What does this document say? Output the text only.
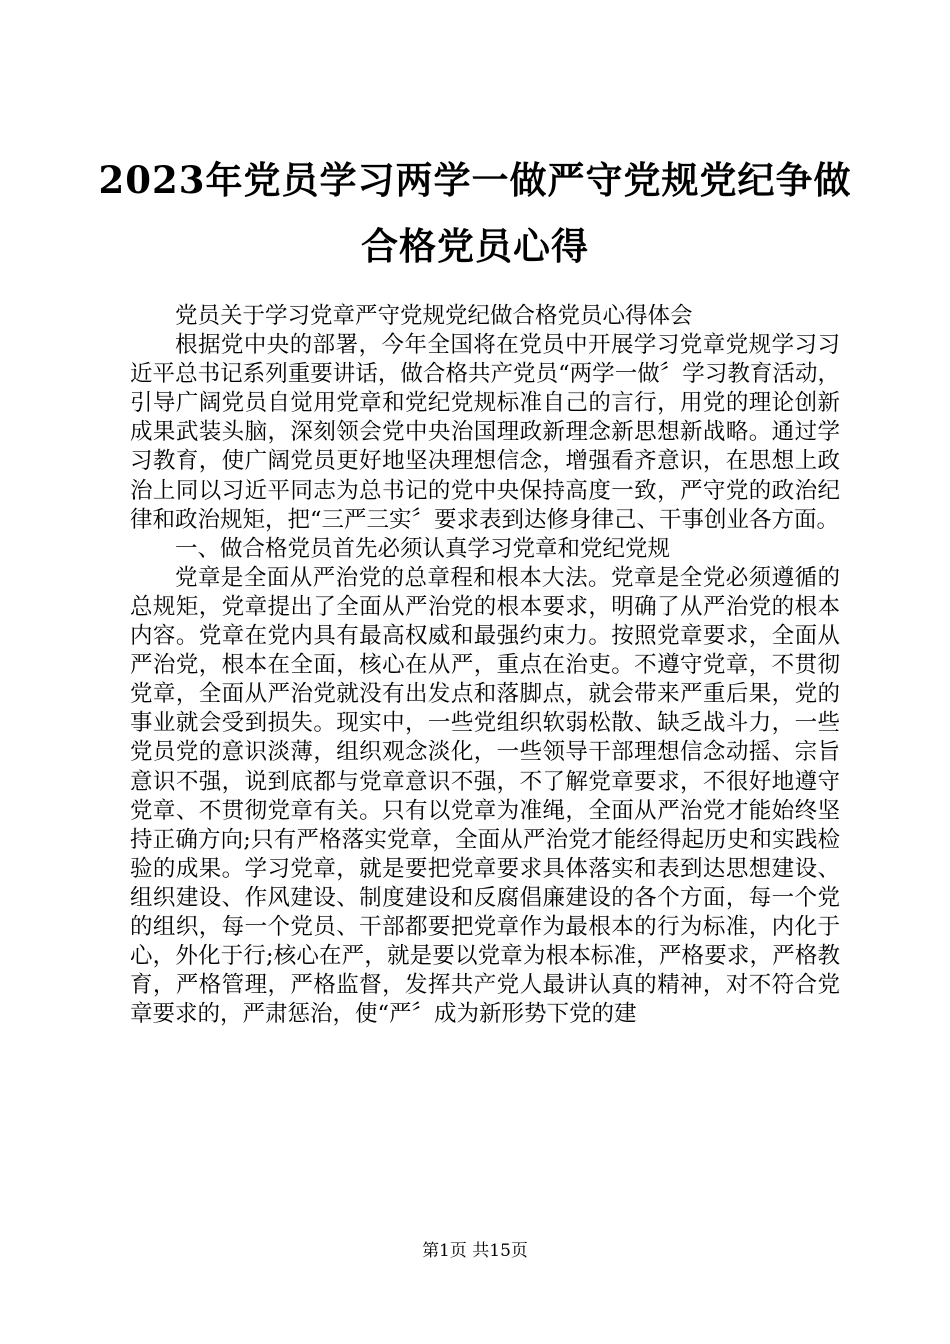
2023年党员学习两学一做严守党规党纪争做
合格党员心得

党员关于学习党章严守党规党纪做合格党员心得体会

根据党中央的部署，今年全国将在党员中开展学习党章党规学习习近平总书记系列重要讲话，做合格共产党员“两学一做〞学习教育活动，引导广阔党员自觉用党章和党纪党规标准自己的言行，用党的理论创新成果武装头脑，深刻领会党中央治国理政新理念新思想新战略。通过学习教育，使广阔党员更好地坚决理想信念，增强看齐意识，在思想上政治上同以习近平同志为总书记的党中央保持高度一致，严守党的政治纪律和政治规矩，把“三严三实〞要求表到达修身律己、干事创业各方面。

一、做合格党员首先必须认真学习党章和党纪党规

党章是全面从严治党的总章程和根本大法。党章是全党必须遵循的总规矩，党章提出了全面从严治党的根本要求，明确了从严治党的根本内容。党章在党内具有最高权威和最强约束力。按照党章要求，全面从严治党，根本在全面，核心在从严，重点在治吏。不遵守党章，不贯彻党章，全面从严治党就没有出发点和落脚点，就会带来严重后果，党的事业就会受到损失。现实中，一些党组织软弱松散、缺乏战斗力，一些党员党的意识淡薄，组织观念淡化，一些领导干部理想信念动摇、宗旨意识不强，说到底都与党章意识不强，不了解党章要求，不很好地遵守党章、不贯彻党章有关。只有以党章为准绳，全面从严治党才能始终坚持正确方向;只有严格落实党章，全面从严治党才能经得起历史和实践检验的成果。学习党章，就是要把党章要求具体落实和表到达思想建设、组织建设、作风建设、制度建设和反腐倡廉建设的各个方面，每一个党的组织，每一个党员、干部都要把党章作为最根本的行为标准，内化于心，外化于行;核心在严，就是要以党章为根本标准，严格要求，严格教育，严格管理，严格监督，发挥共产党人最讲认真的精神，对不符合党章要求的，严肃惩治，使“严〞成为新形势下党的建

第1页 共15页
